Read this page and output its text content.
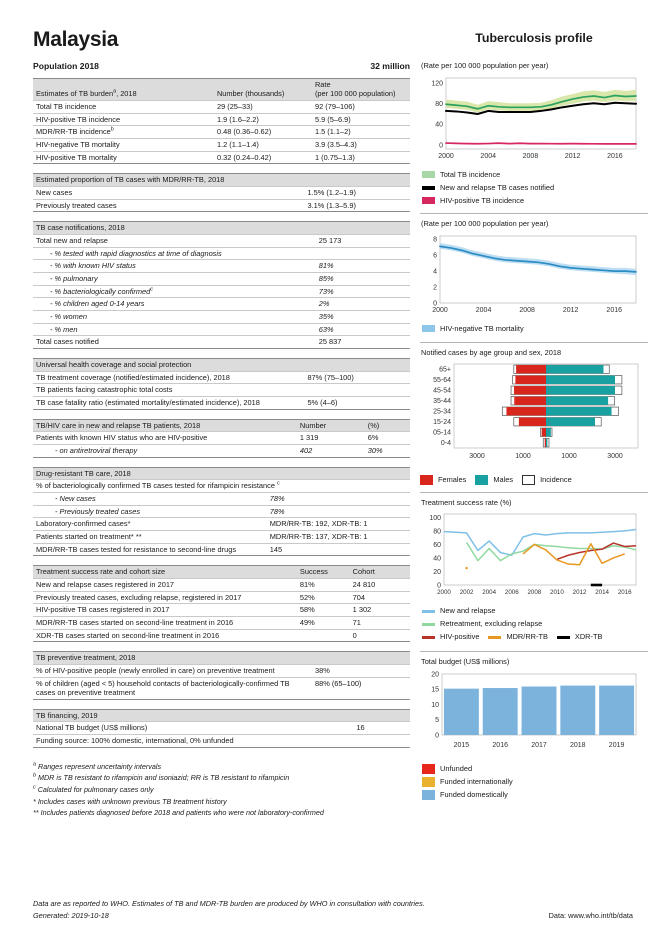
Malaysia
Population 2018	32 million
Estimates of TB burden$^a$, 2018	Number (thousands)	Rate
(per 100 000 population)
Total TB incidence	29 (25–33)	92 (79–106)
HIV-positive TB incidence	1.9 (1.6–2.2)	5.9 (5–6.9)
MDR/RR-TB incidence$^b$	0.48 (0.36–0.62)	1.5 (1.1–2)
HIV-negative TB mortality	1.2 (1.1–1.4)	3.9 (3.5–4.3)
HIV-positive TB mortality	0.32 (0.24–0.42)	1 (0.75–1.3)
Estimated proportion of TB cases with MDR/RR-TB, 2018	
New cases	1.5% (1.2–1.9)
Previously treated cases	3.1% (1.3–5.9)
TB case notifications, 2018	
Total new and relapse	25 173
- % tested with rapid diagnostics at time of diagnosis	
- % with known HIV status	81%
- % pulmonary	85%
- % bacteriologically confirmed$^c$	73%
- % children aged 0-14 years	2%
- % women	35%
- % men	63%
Total cases notified	25 837
Universal health coverage and social protection	
TB treatment coverage (notified/estimated incidence), 2018	87% (75–100)
TB patients facing catastrophic total costs	
TB case fatality ratio (estimated mortality/estimated incidence), 2018	5% (4–6)
TB/HIV care in new and relapse TB patients, 2018	Number	(%)
Patients with known HIV status who are HIV-positive	1 319	6%
- on antiretroviral therapy	402	30%
Drug-resistant TB care, 2018	
% of bacteriologically confirmed TB cases tested for rifampicin resistance $^c$
- New cases	78%
- Previously treated cases	78%
Laboratory-confirmed cases*	MDR/RR-TB: 192, XDR-TB: 1
Patients started on treatment* **	MDR/RR-TB: 137, XDR-TB: 1
MDR/RR-TB cases tested for resistance to second-line drugs	145
Treatment success rate and cohort size	Success	Cohort
New and relapse cases registered in 2017	81%	24 810
Previously treated cases, excluding relapse, registered in 2017	52%	704
HIV-positive TB cases registered in 2017	58%	1 302
MDR/RR-TB cases started on second-line treatment in 2016	49%	71
XDR-TB cases started on second-line treatment in 2016		0
TB preventive treatment, 2018	
% of HIV-positive people (newly enrolled in care) on preventive treatment	38%
% of children (aged < 5) household contacts of bacteriologically-confirmed TB cases on preventive treatment	88% (65–100)
TB financing, 2019
National TB budget (US$ millions)	16
Funding source: 100% domestic, international, 0% unfunded
$^a$ Ranges represent uncertainty intervals
$^b$ MDR is TB resistant to rifampicin and isoniazid; RR is TB resistant to rifampicin
$^c$ Calculated for pulmonary cases only
* Includes cases with unknown previous TB treatment history
** Includes patients diagnosed before 2018 and patients who were not laboratory-confirmed
Tuberculosis profile
(Rate per 100 000 population per year)
0
40
80
120
2000	2004	2008	2012	2016
Total TB incidence
New and relapse TB cases notified
HIV-positive TB incidence
(Rate per 100 000 population per year)
0
2
4
6
8
2000	2004	2008	2012	2016
HIV-negative TB mortality
Notified cases by age group and sex, 2018
0-4
05-14
15-24
25-34
35-44
45-54
55-64
65+
3000	1000	1000	3000
Females	Males	Incidence
Treatment success rate (%)
0
20
40
60
80
100
2000 2002 2004 2006 2008 2010 2012 2014 2016
New and relapse
Retreatment, excluding relapse
HIV-positive	MDR/RR-TB	XDR-TB
Total budget (US$ millions)
0
5
10
15
20
2015	2016	2017	2018	2019
Unfunded
Funded internationally
Funded domestically
Data are as reported to WHO. Estimates of TB and MDR-TB burden are produced by WHO in consultation with countries.
Generated: 2019-10-18	Data: www.who.int/tb/data
